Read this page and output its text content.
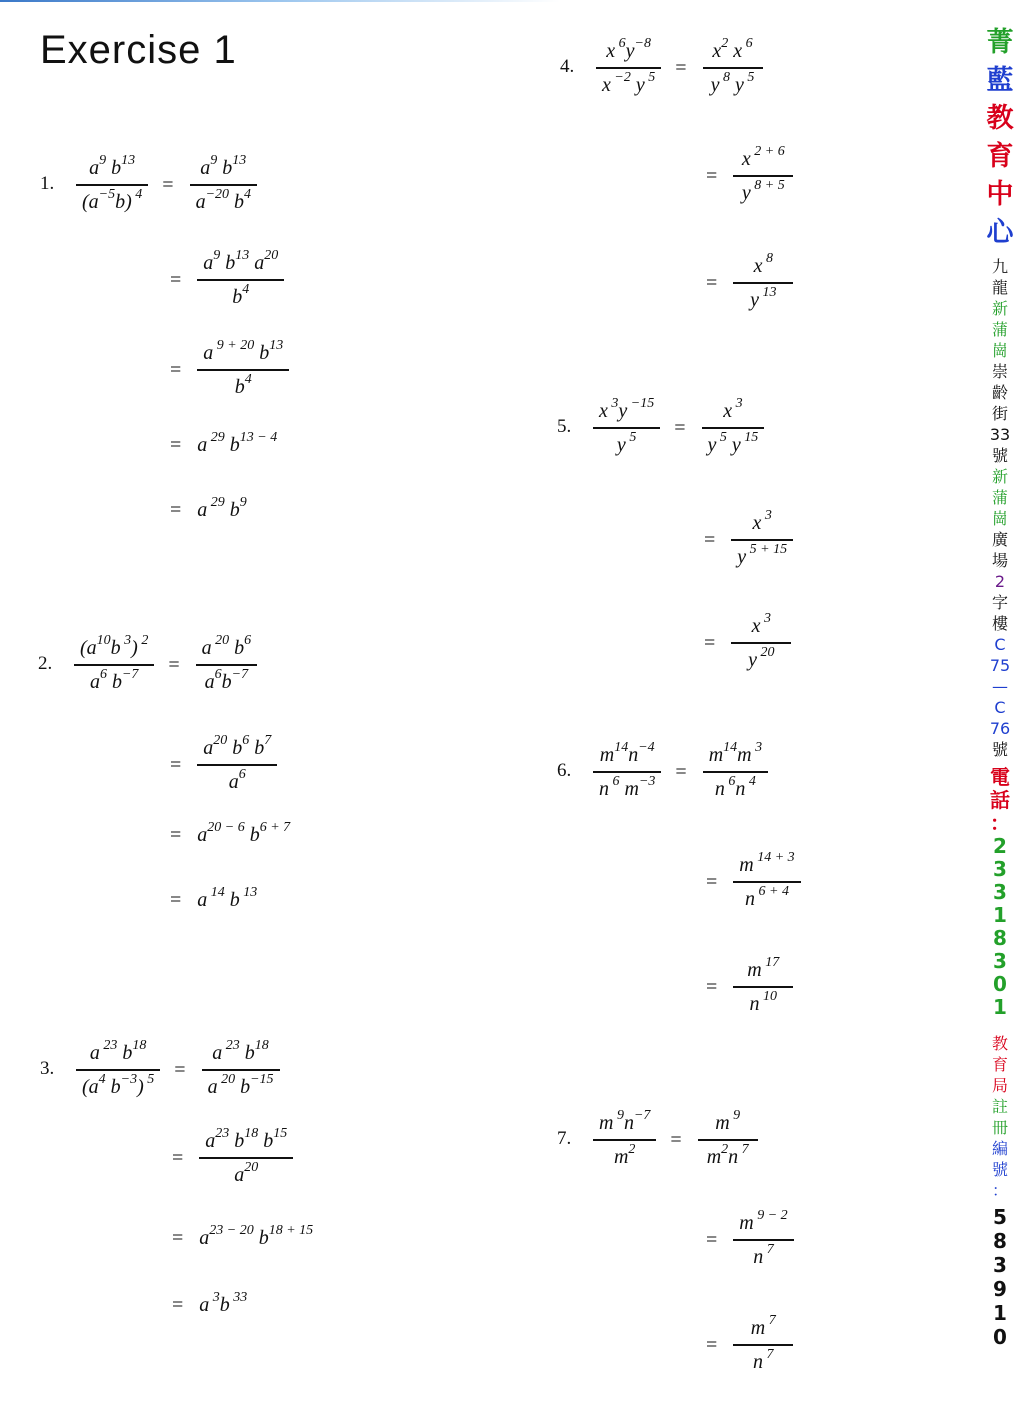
Exercise 1
1. $\frac{a^9 b^{13}}{(a^{-5}b) ^4} = \frac{a^9 b^{13}}{a^{-20} b^4}$
= $\frac{a^9 b^{13} a^{20}}{b^4}$
= $\frac{a ^{9 + 20} b^{13}}{b^4}$
= a $^{29}$ $b^{13 - 4}$
= a $^{29}$ $b^9$
2. $\frac{(a^{10}b ^3) ^2}{a^6 b^{-7}} = \frac{a ^{20} b^6}{a^6b^{-7}}$
= $\frac{a^{20} b^6 b^7}{a^6}$
= $a^{20 - 6}$ $b^{6 + 7}$
= a $^{14}$ b $^{13}$
3. $\frac{a ^{23} b^{18}}{(a^4 b^{-3}) ^5} = \frac{a ^{23} b^{18}}{a ^{20} b^{-15}}$
= $\frac{a^{23} b^{18} b^{15}}{a^{20}}$
= $a^{23 - 20}$ $b^{18 + 15}$
= a $^3$b $^{33}$
4. $\frac{x ^6y^{-8}}{x ^{-2} y ^5} = \frac{x^2 x ^6}{y ^8 y ^5}$
= $\frac{x ^{2 + 6}}{y ^{8 + 5}}$
= $\frac{x ^8}{y ^{13}}$
5. $\frac{x ^3y ^{-15}}{y ^5} = \frac{x ^3}{y ^5 y ^{15}}$
= $\frac{x ^3}{y ^{5 + 15}}$
= $\frac{x ^3}{y ^{20}}$
6. $\frac{m^{14}n^{-4}}{n ^6 m^{-3}} = \frac{m^{14}m ^3}{n ^6n ^4}$
= $\frac{m ^{14 + 3}}{n ^{6 + 4}}$
= $\frac{m ^{17}}{n ^{10}}$
7. $\frac{m ^9n^{-7}}{m^2} = \frac{m ^9}{m^2n ^7}$
= $\frac{m ^{9 - 2}}{n ^7}$
= $\frac{m ^7}{n ^7}$
菁
藍
教
育
中
心
九
龍
新
蒲
崗
崇
齡
街
33
號
新
蒲
崗
廣
場
2
字
樓
C
75
—
C
76
號
電
話
：
2
3
3
1
8
3
0
1
教
育
局
註
冊
編
號
：
5
8
3
9
1
0
